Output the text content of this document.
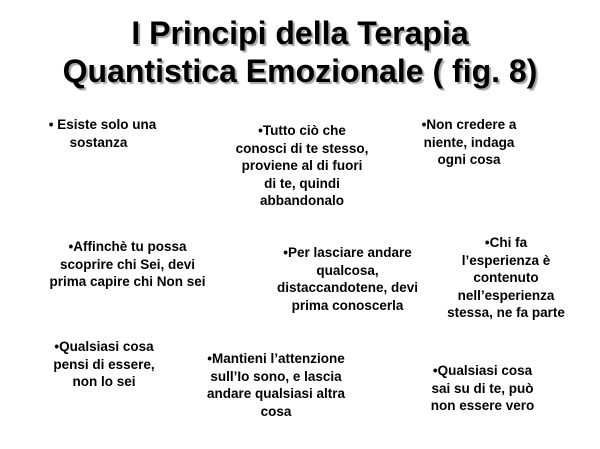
I Principi della Terapia
Quantistica Emozionale ( fig. 8)
• Esiste solo una
sostanza
•Tutto ciò che
conosci di te stesso,
proviene al di fuori
di te, quindi
abbandonalo
•Non credere a
niente, indaga
ogni cosa
•Affinchè tu possa
scoprire chi Sei, devi
prima capire chi Non sei
•Per lasciare andare
qualcosa,
distaccandotene, devi
prima conoscerla
•Chi fa
l’esperienza è
contenuto
nell’esperienza
stessa, ne fa parte
•Qualsiasi cosa
pensi di essere,
non lo sei
•Mantieni l’attenzione
sull’Io sono, e lascia
andare qualsiasi altra
cosa
•Qualsiasi cosa
sai su di te, può
non essere vero
